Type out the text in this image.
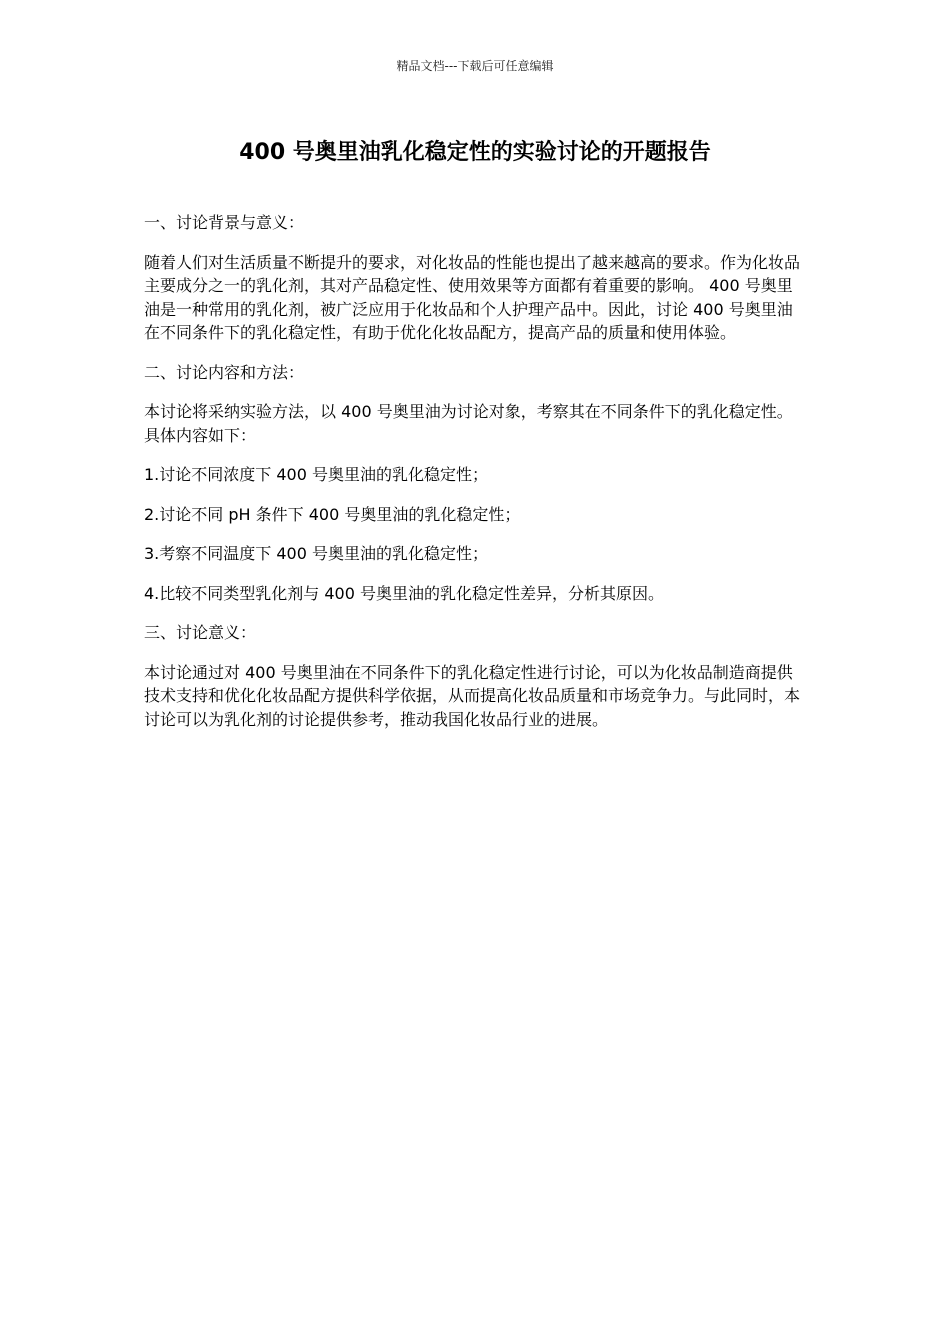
精品文档---下载后可任意编辑
400 号奥里油乳化稳定性的实验讨论的开题报告

一、讨论背景与意义：

随着人们对生活质量不断提升的要求，对化妆品的性能也提出了越来越高的要求。作为化妆品主要成分之一的乳化剂，其对产品稳定性、使用效果等方面都有着重要的影响。 400 号奥里油是一种常用的乳化剂，被广泛应用于化妆品和个人护理产品中。因此，讨论 400 号奥里油在不同条件下的乳化稳定性，有助于优化化妆品配方，提高产品的质量和使用体验。

二、讨论内容和方法：

本讨论将采纳实验方法，以 400 号奥里油为讨论对象，考察其在不同条件下的乳化稳定性。具体内容如下：

1.讨论不同浓度下 400 号奥里油的乳化稳定性；

2.讨论不同 pH 条件下 400 号奥里油的乳化稳定性；

3.考察不同温度下 400 号奥里油的乳化稳定性；

4.比较不同类型乳化剂与 400 号奥里油的乳化稳定性差异，分析其原因。

三、讨论意义：

本讨论通过对 400 号奥里油在不同条件下的乳化稳定性进行讨论，可以为化妆品制造商提供技术支持和优化化妆品配方提供科学依据，从而提高化妆品质量和市场竞争力。与此同时，本讨论可以为乳化剂的讨论提供参考，推动我国化妆品行业的进展。
